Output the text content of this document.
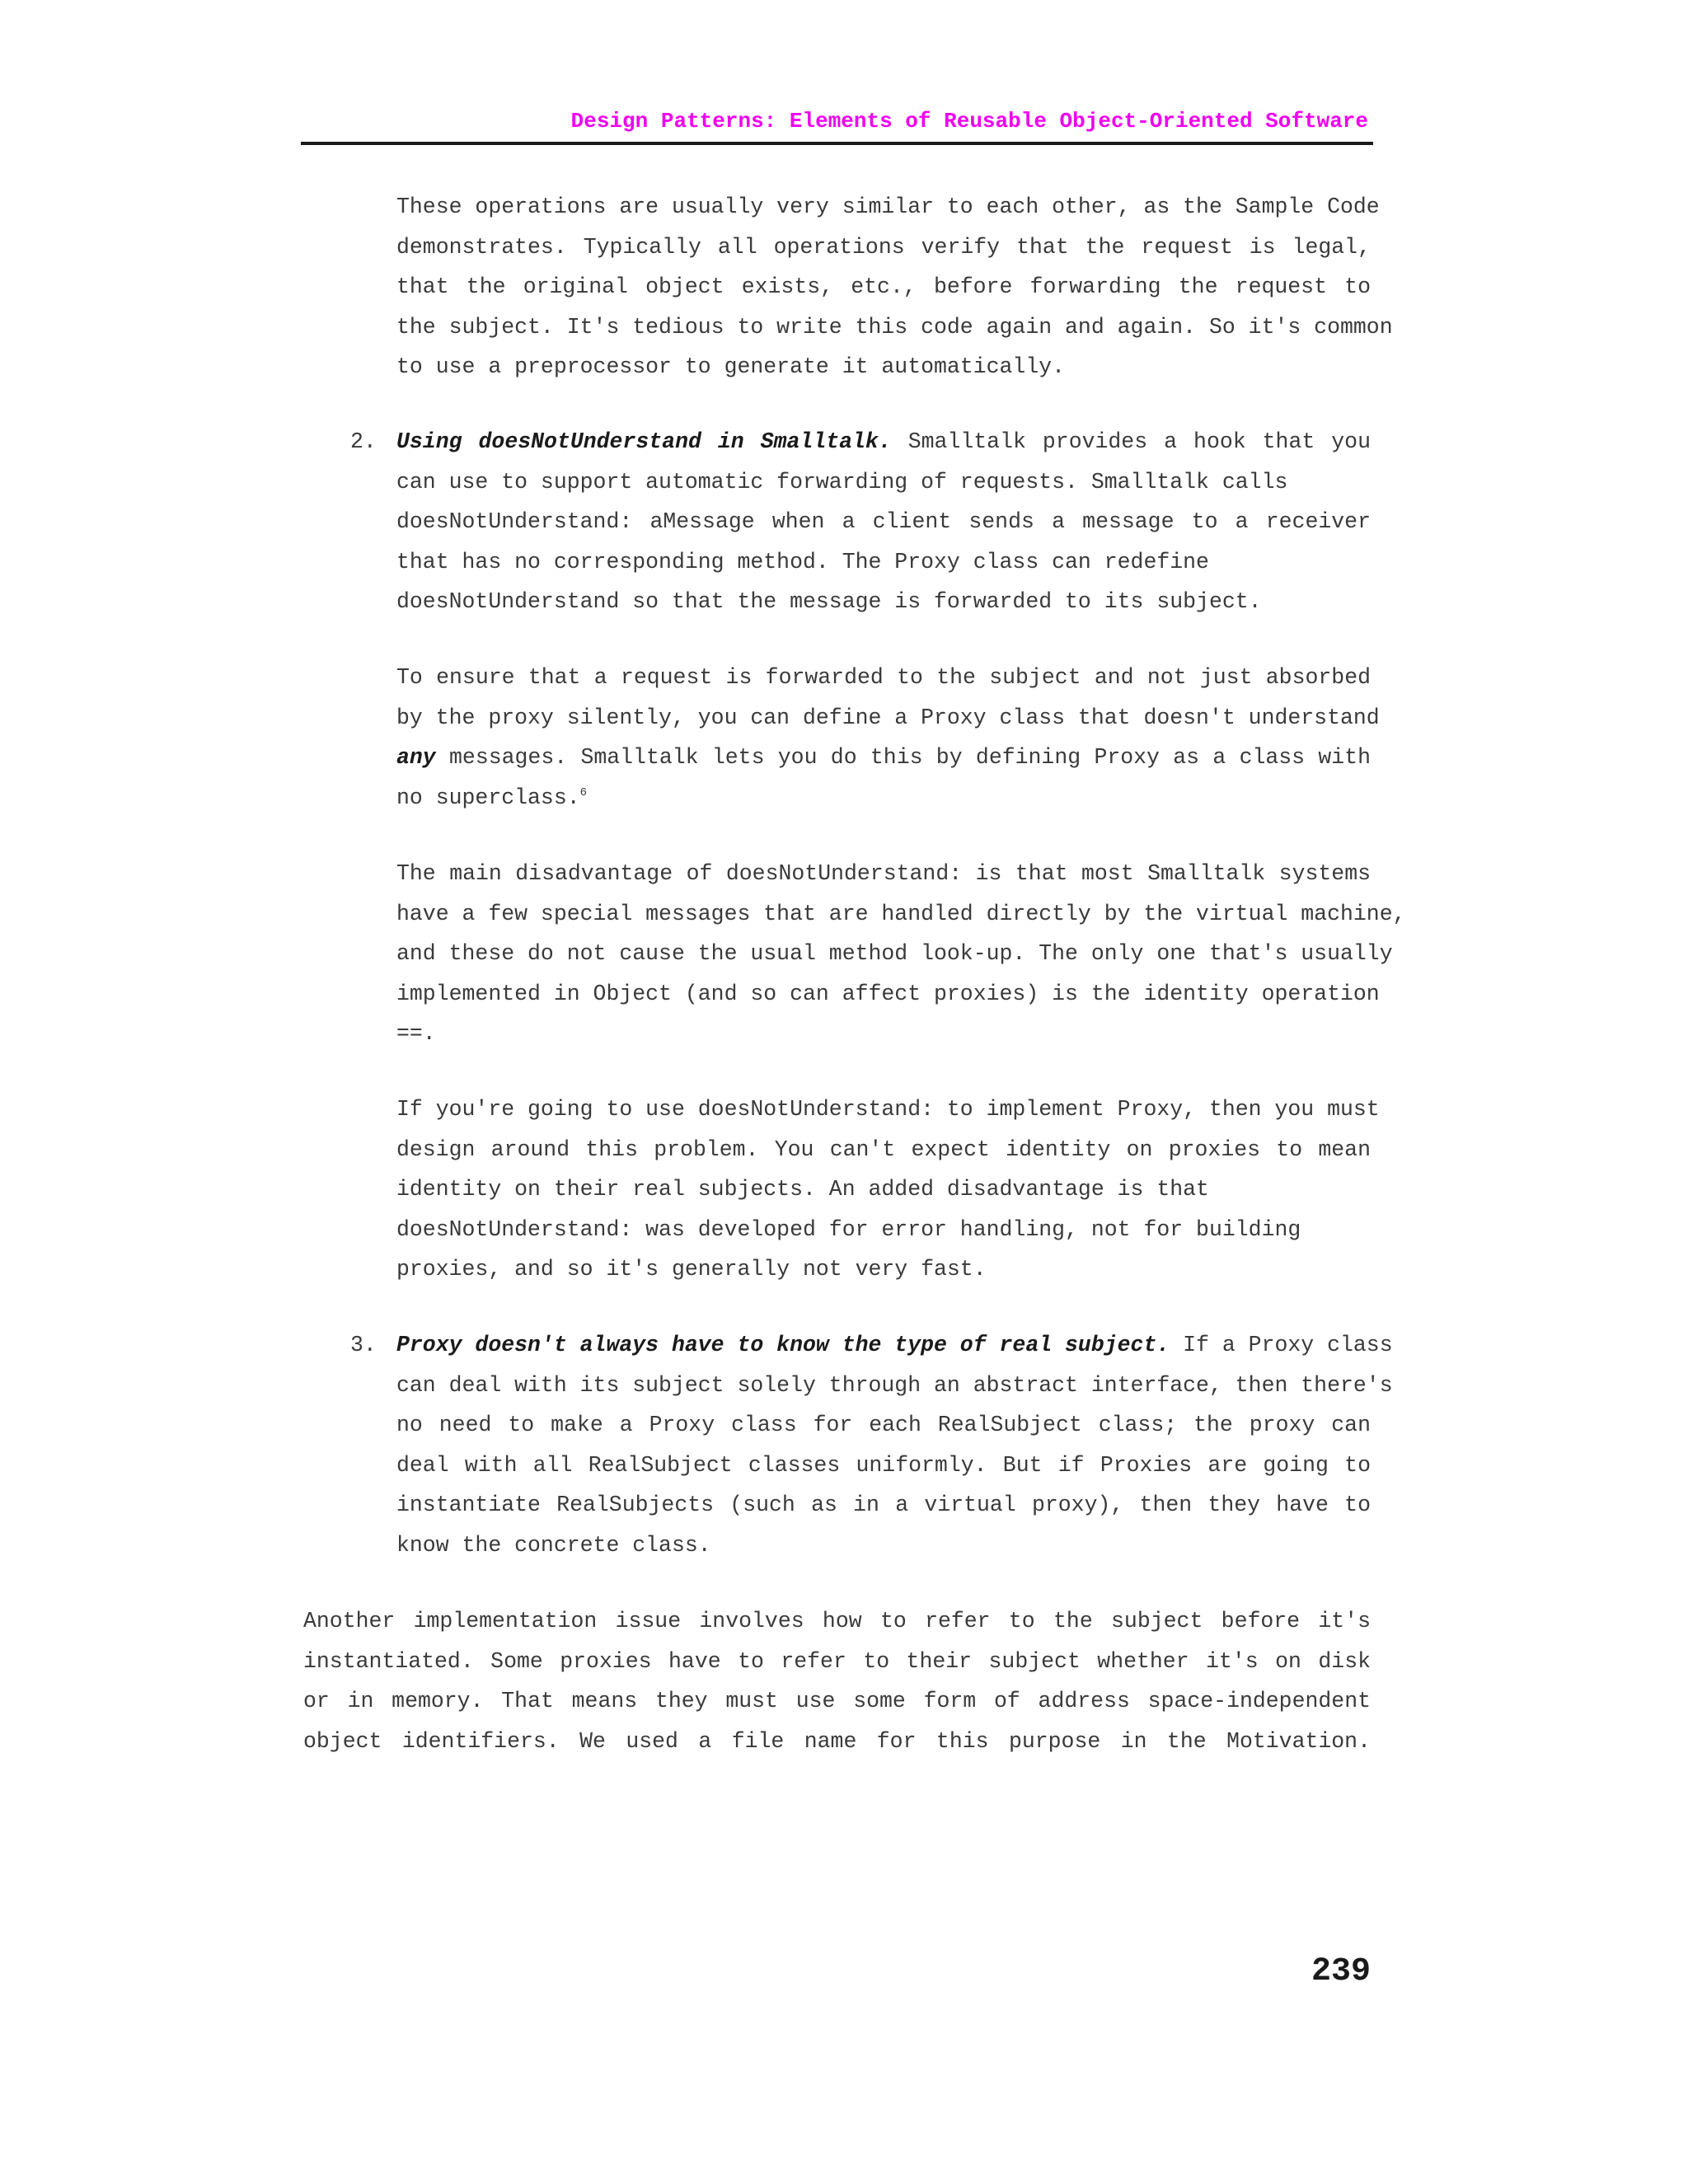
Design Patterns: Elements of Reusable Object-Oriented Software
These operations are usually very similar to each other, as the Sample Code
demonstrates. Typically all operations verify that the request is legal,
that the original object exists, etc., before forwarding the request to
the subject. It's tedious to write this code again and again. So it's common
to use a preprocessor to generate it automatically.
2. Using doesNotUnderstand in Smalltalk. Smalltalk provides a hook that you
can use to support automatic forwarding of requests. Smalltalk calls
doesNotUnderstand: aMessage when a client sends a message to a receiver
that has no corresponding method. The Proxy class can redefine
doesNotUnderstand so that the message is forwarded to its subject.
To ensure that a request is forwarded to the subject and not just absorbed
by the proxy silently, you can define a Proxy class that doesn't understand
any messages. Smalltalk lets you do this by defining Proxy as a class with
no superclass.$^6$
The main disadvantage of doesNotUnderstand: is that most Smalltalk systems
have a few special messages that are handled directly by the virtual machine,
and these do not cause the usual method look-up. The only one that's usually
implemented in Object (and so can affect proxies) is the identity operation
==.
If you're going to use doesNotUnderstand: to implement Proxy, then you must
design around this problem. You can't expect identity on proxies to mean
identity on their real subjects. An added disadvantage is that
doesNotUnderstand: was developed for error handling, not for building
proxies, and so it's generally not very fast.
3. Proxy doesn't always have to know the type of real subject. If a Proxy class
can deal with its subject solely through an abstract interface, then there's
no need to make a Proxy class for each RealSubject class; the proxy can
deal with all RealSubject classes uniformly. But if Proxies are going to
instantiate RealSubjects (such as in a virtual proxy), then they have to
know the concrete class.
Another implementation issue involves how to refer to the subject before it's
instantiated. Some proxies have to refer to their subject whether it's on disk
or in memory. That means they must use some form of address space-independent
object identifiers. We used a file name for this purpose in the Motivation.
239
